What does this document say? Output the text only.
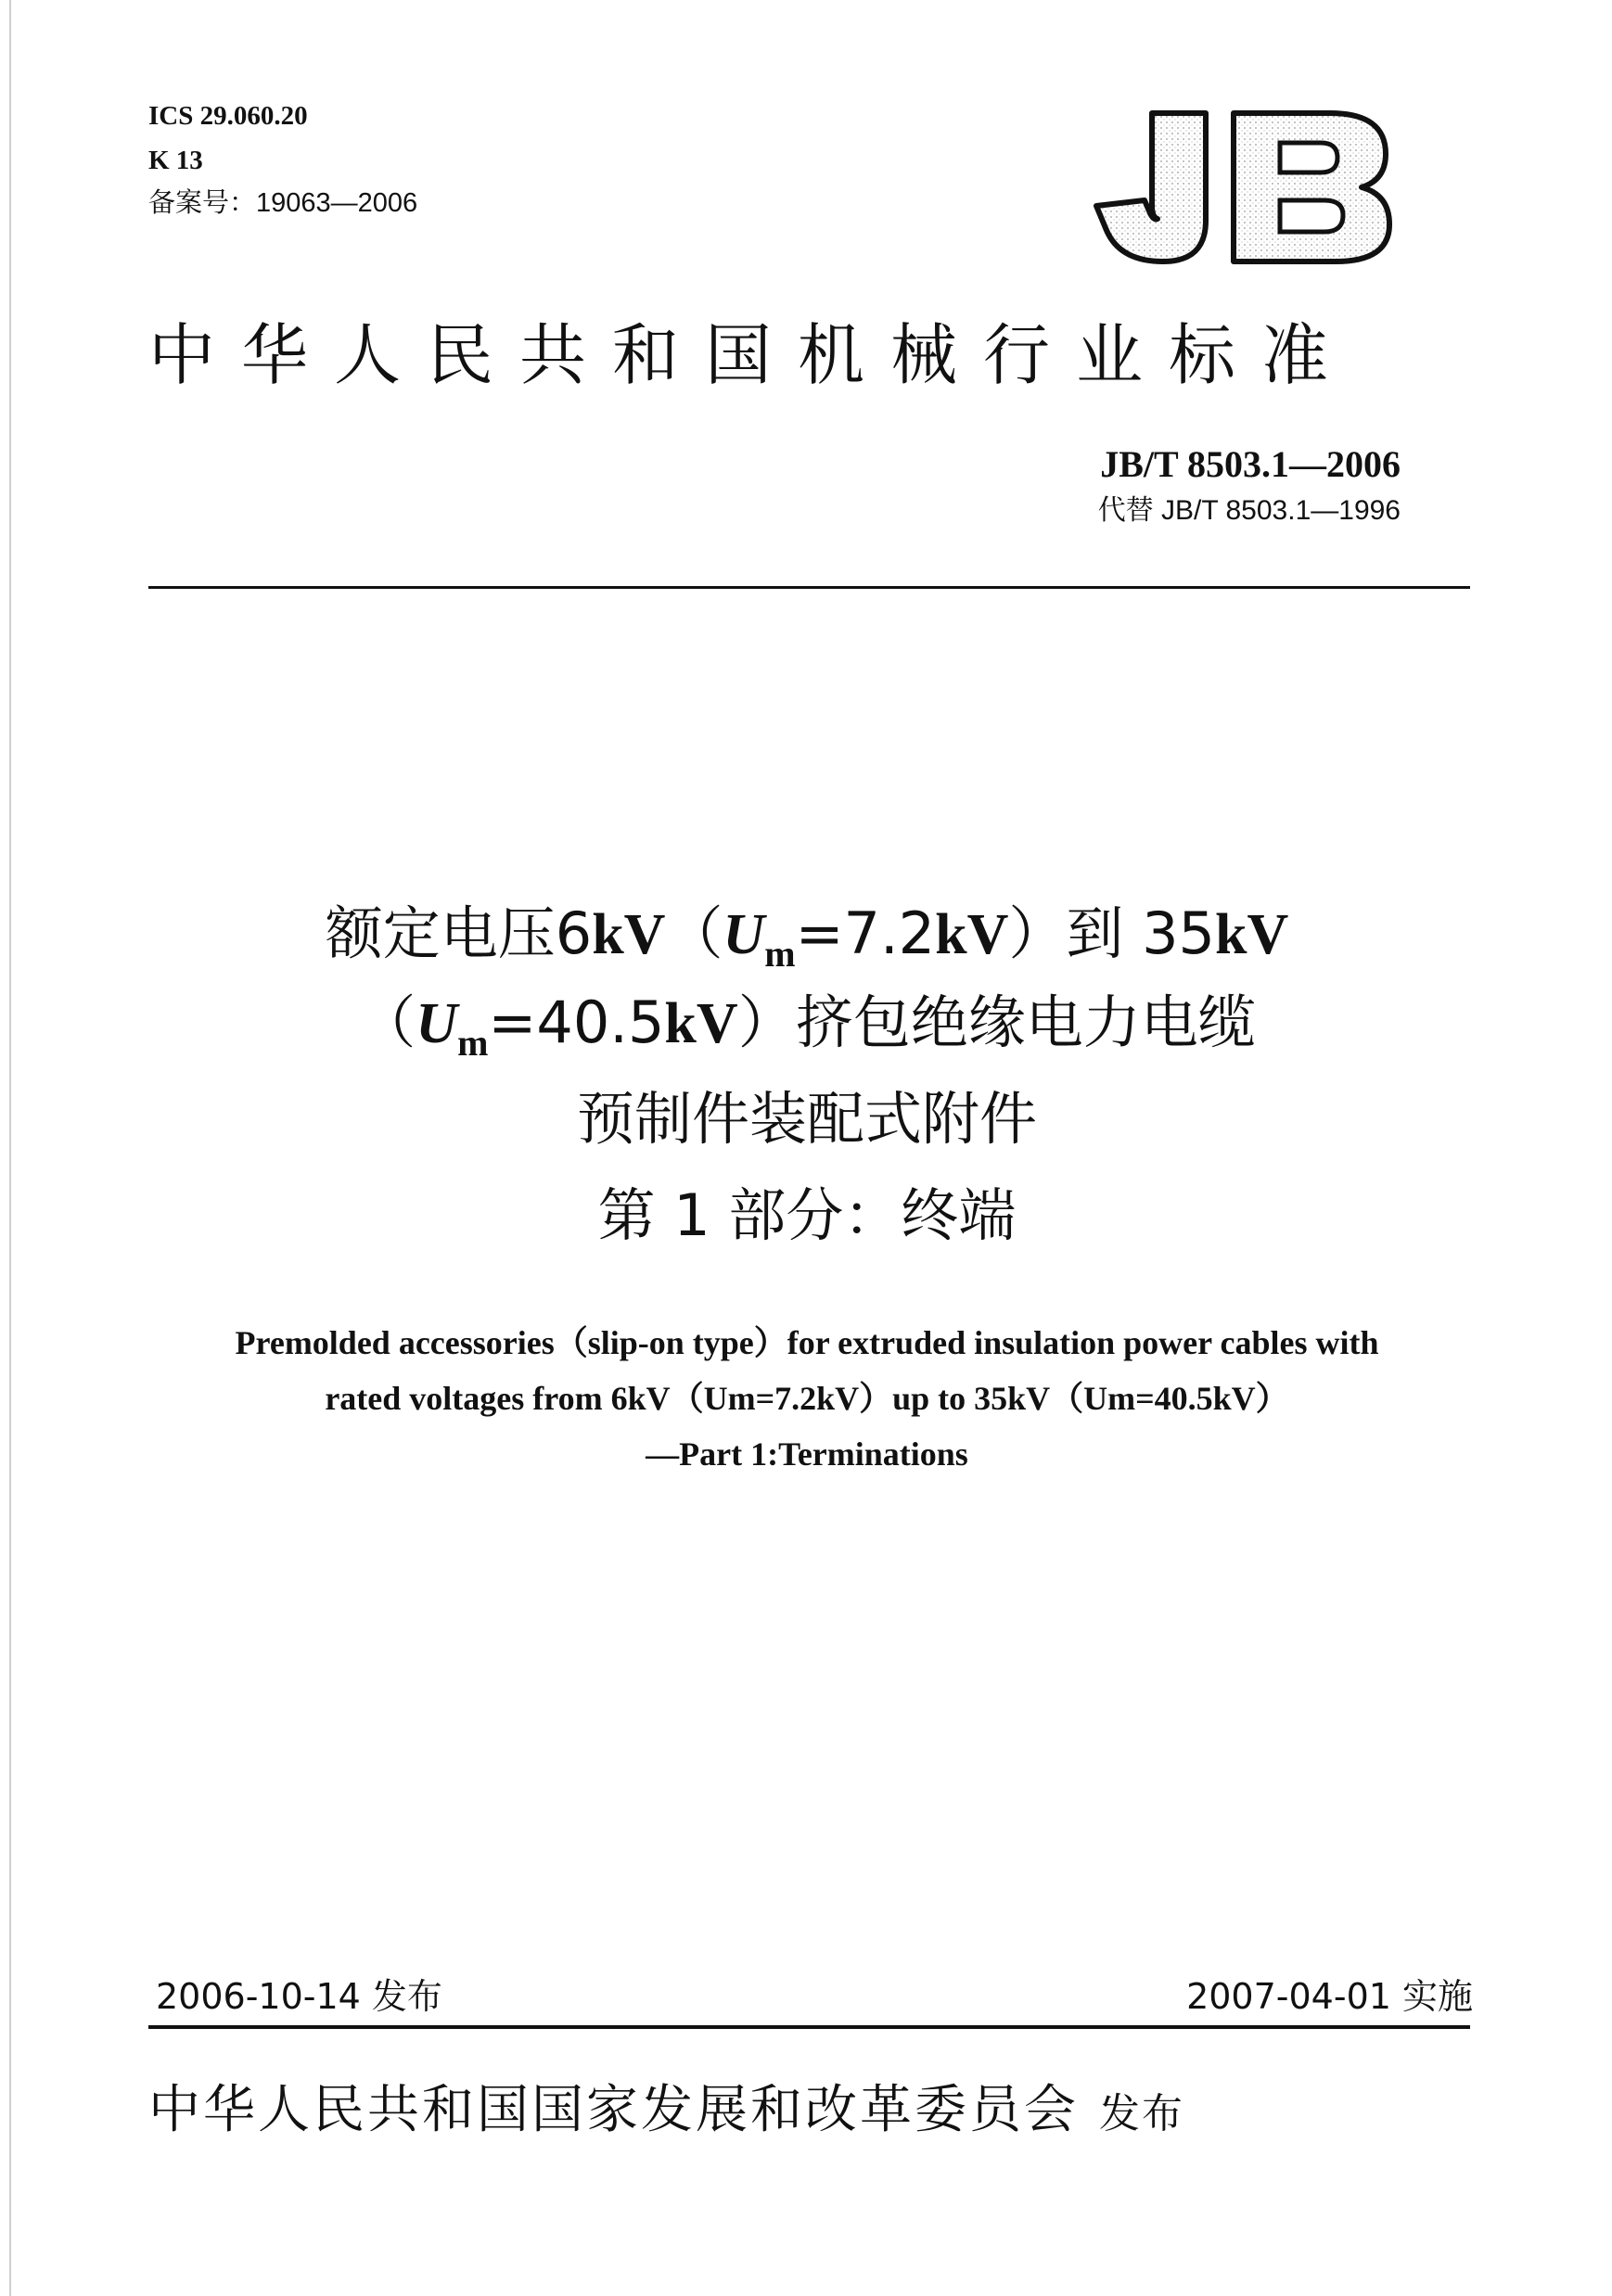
ICS 29.060.20
K 13
备案号：19063—2006
中华人民共和国机械行业标准
JB/T 8503.1—2006
代替 JB/T 8503.1—1996
额定电压$6kV(U_m=7.2kV)$到 35kV
$(U_m=40.5kV)$挤包绝缘电力电缆
预制件装配式附件
第 1 部分：终端
Premolded accessories（slip-on type）for extruded insulation power cables with
rated voltages from 6kV（Um=7.2kV）up to 35kV（Um=40.5kV）
—Part 1:Terminations
2006-10-14 发布	2007-04-01 实施
中华人民共和国国家发展和改革委员会 发布
